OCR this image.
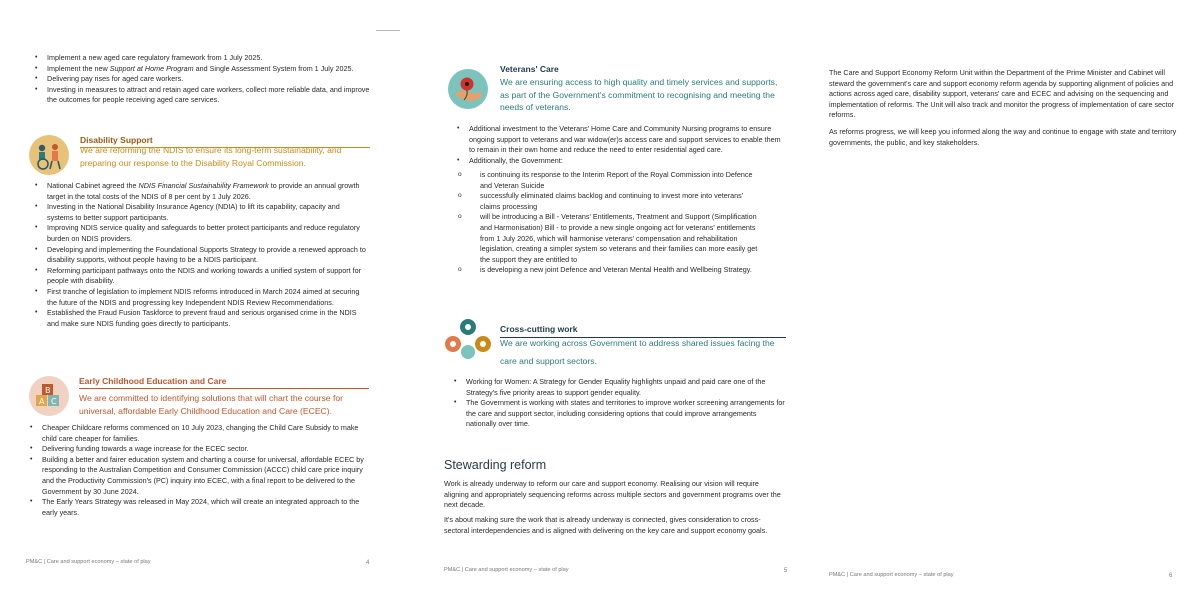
• Implement a new aged care regulatory framework from 1 July 2025.
• Implement the new Support at Home Program and Single Assessment System from 1 July 2025.
• Delivering pay rises for aged care workers.
• Investing in measures to attract and retain aged care workers, collect more reliable data, and improve the outcomes for people receiving aged care services.
Disability Support
We are reforming the NDIS to ensure its long-term sustainability, and preparing our response to the Disability Royal Commission.
• National Cabinet agreed the NDIS Financial Sustainability Framework to provide an annual growth target in the total costs of the NDIS of 8 per cent by 1 July 2026.
• Investing in the National Disability Insurance Agency (NDIA) to lift its capability, capacity and systems to better support participants.
• Improving NDIS service quality and safeguards to better protect participants and reduce regulatory burden on NDIS providers.
• Developing and implementing the Foundational Supports Strategy to provide a renewed approach to disability supports, without people having to be a NDIS participant.
• Reforming participant pathways onto the NDIS and working towards a unified system of support for people with disability.
• First tranche of legislation to implement NDIS reforms introduced in March 2024 aimed at securing the future of the NDIS and progressing key Independent NDIS Review Recommendations.
• Established the Fraud Fusion Taskforce to prevent fraud and serious organised crime in the NDIS and make sure NDIS funding goes directly to participants.
A C
B
Early Childhood Education and Care
We are committed to identifying solutions that will chart the course for universal, affordable Early Childhood Education and Care (ECEC).
• Cheaper Childcare reforms commenced on 10 July 2023, changing the Child Care Subsidy to make child care cheaper for families.
• Delivering funding towards a wage increase for the ECEC sector.
• Building a better and fairer education system and charting a course for universal, affordable ECEC by responding to the Australian Competition and Consumer Commission (ACCC) child care price inquiry and the Productivity Commission's (PC) inquiry into ECEC, with a final report to be delivered to the Government by 30 June 2024.
• The Early Years Strategy was released in May 2024, which will create an integrated approach to the early years.
PM&C | Care and support economy – state of play	4
Veterans' Care
We are ensuring access to high quality and timely services and supports, as part of the Government's commitment to recognising and meeting the needs of veterans.
• Additional investment to the Veterans' Home Care and Community Nursing programs to ensure ongoing support to veterans and war widow(er)s access care and support services to enable them to remain in their own home and reduce the need to enter residential aged care.
• Additionally, the Government:
o is continuing its response to the Interim Report of the Royal Commission into Defence and Veteran Suicide
o successfully eliminated claims backlog and continuing to invest more into veterans' claims processing
o will be introducing a Bill - Veterans' Entitlements, Treatment and Support (Simplification and Harmonisation) Bill - to provide a new single ongoing act for veterans' entitlements from 1 July 2026, which will harmonise veterans' compensation and rehabilitation legislation, creating a simpler system so veterans and their families can more easily get the support they are entitled to
o is developing a new joint Defence and Veteran Mental Health and Wellbeing Strategy.
Cross-cutting work
We are working across Government to address shared issues facing the care and support sectors.
• Working for Women: A Strategy for Gender Equality highlights unpaid and paid care one of the Strategy's five priority areas to support gender equality.
• The Government is working with states and territories to improve worker screening arrangements for the care and support sector, including considering options that could improve arrangements nationally over time.
Stewarding reform
Work is already underway to reform our care and support economy. Realising our vision will require aligning and appropriately sequencing reforms across multiple sectors and government programs over the next decade.
It's about making sure the work that is already underway is connected, gives consideration to cross-sectoral interdependencies and is aligned with delivering on the key care and support economy goals.
PM&C | Care and support economy – state of play	5
The Care and Support Economy Reform Unit within the Department of the Prime Minister and Cabinet will steward the government's care and support economy reform agenda by supporting alignment of policies and actions across aged care, disability support, veterans' care and ECEC and advising on the sequencing and implementation of reforms. The Unit will also track and monitor the progress of implementation of care sector reforms.
As reforms progress, we will keep you informed along the way and continue to engage with state and territory governments, the public, and key stakeholders.
PM&C | Care and support economy – state of play	6
